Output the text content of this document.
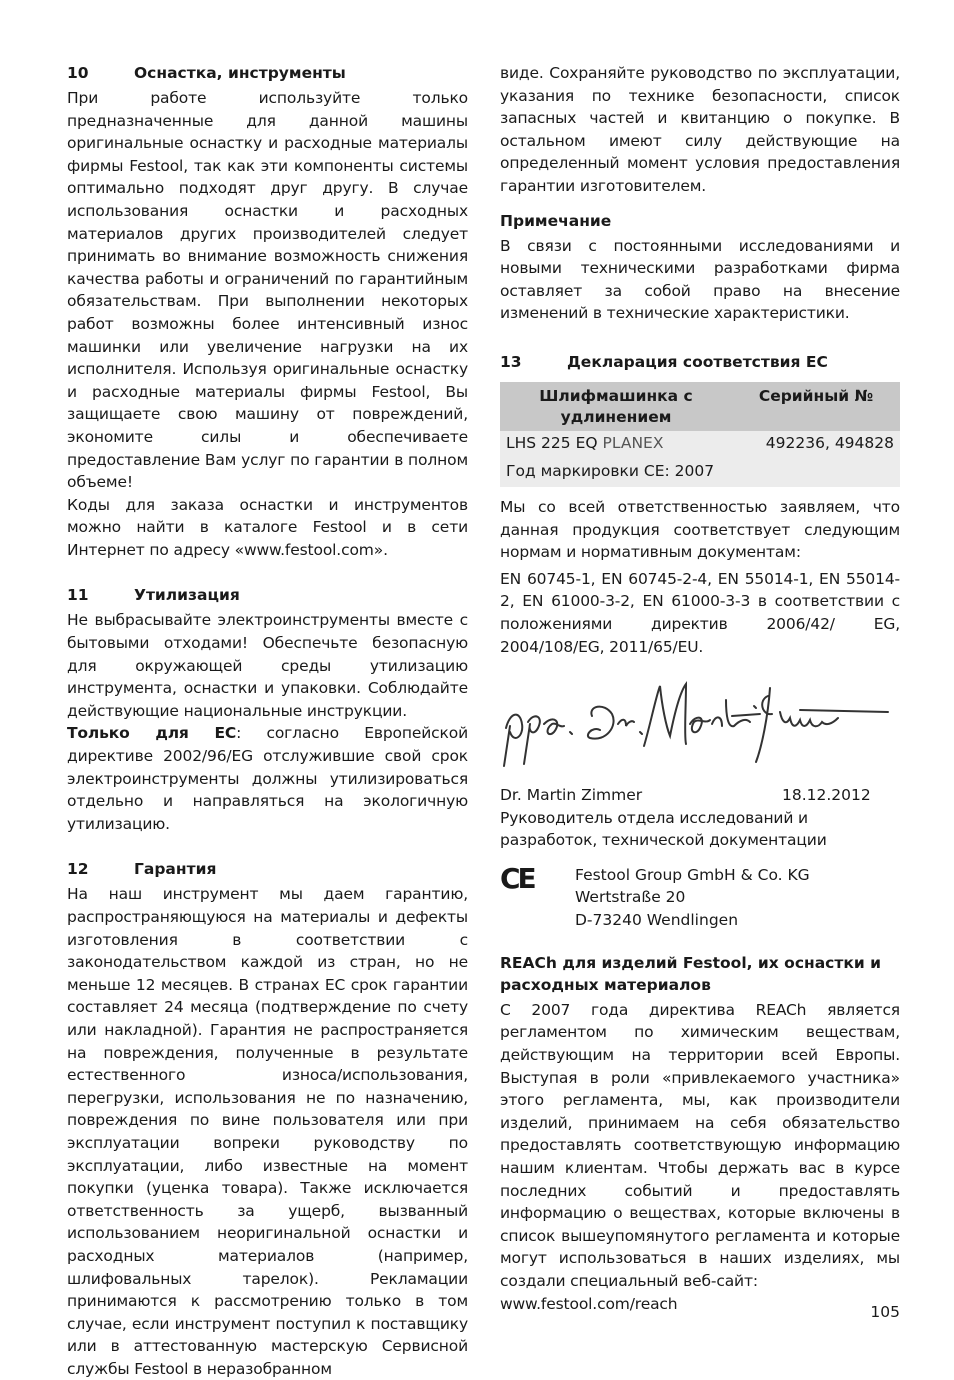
10	Оснастка, инструменты

При работе используйте только предназначенные для данной машины оригинальные оснастку и расходные материалы фирмы Festool, так как эти компоненты системы оптимально подходят друг другу. В случае использования оснастки и расходных материалов других производителей следует принимать во внимание возможность снижения качества работы и ограничений по гарантийным обязательствам. При выполнении некоторых работ возможны более интенсивный износ машинки или увеличение нагрузки на их исполнителя. Используя оригинальные оснастку и расходные материалы фирмы Festool, Вы защищаете свою машину от повреждений, экономите силы и обеспечиваете предоставление Вам услуг по гарантии в полном объеме!

Коды для заказа оснастки и инструментов можно найти в каталоге Festool и в сети Интернет по адресу «www.festool.com».

11	Утилизация

Не выбрасывайте электроинструменты вместе с бытовыми отходами! Обеспечьте безопасную для окружающей среды утилизацию инструмента, оснастки и упаковки. Соблюдайте действующие национальные инструкции.

Только для ЕС: согласно Европейской директиве 2002/96/EG отслужившие свой срок электроинструменты должны утилизироваться отдельно и направляться на экологичную утилизацию.

12	Гарантия

На наш инструмент мы даем гарантию, распространяющуюся на материалы и дефекты изготовления в соответствии с законодательством каждой из стран, но не меньше 12 месяцев. В странах ЕС срок гарантии составляет 24 месяца (подтверждение по счету или накладной). Гарантия не распространяется на повреждения, полученные в результате естественного износа/использования, перегрузки, использования не по назначению, повреждения по вине пользователя или при эксплуатации вопреки руководству по эксплуатации, либо известные на момент покупки (уценка товара). Также исключается ответственность за ущерб, вызванный использованием неоригинальной оснастки и расходных материалов (например, шлифовальных тарелок). Рекламации принимаются к рассмотрению только в том случае, если инструмент поступил к поставщику или в аттестованную мастерскую Сервисной службы Festool в неразобранном

виде. Сохраняйте руководство по эксплуатации, указания по технике безопасности, список запасных частей и квитанцию о покупке. В остальном имеют силу действующие на определенный момент условия предоставления гарантии изготовителем.

Примечание

В связи с постоянными исследованиями и новыми техническими разработками фирма оставляет за собой право на внесение изменений в технические характеристики.

13	Декларация соответствия ЕС
Шлифмашинка с удлинением	Серийный №
LHS 225 EQ PLANEX	492236, 494828
Год маркировки CE: 2007	

Мы со всей ответственностью заявляем, что данная продукция соответствует следующим нормам и нормативным документам:

EN 60745-1, EN 60745-2-4, EN 55014-1, EN 55014-2, EN 61000-3-2, EN 61000-3-3 в соответствии с положениями директив 2006/42/ EG, 2004/108/EG, 2011/65/EU.

Dr. Martin Zimmer	18.12.2012

Руководитель отдела исследований и разработок, технической документации

CE	Festool Group GmbH & Co. KG
Wertstraße 20
D-73240 Wendlingen
REACh для изделий Festool, их оснастки и расходных материалов

С 2007 года директива REACh является регламентом по химическим веществам, действующим на территории всей Европы. Выступая в роли «привлекаемого участника» этого регламента, мы, как производители изделий, принимаем на себя обязательство предоставлять соответствующую информацию нашим клиентам. Чтобы держать вас в курсе последних событий и предоставлять информацию о веществах, которые включены в список вышеупомянутого регламента и которые могут использоваться в наших изделиях, мы создали специальный веб-сайт:

www.festool.com/reach	105
